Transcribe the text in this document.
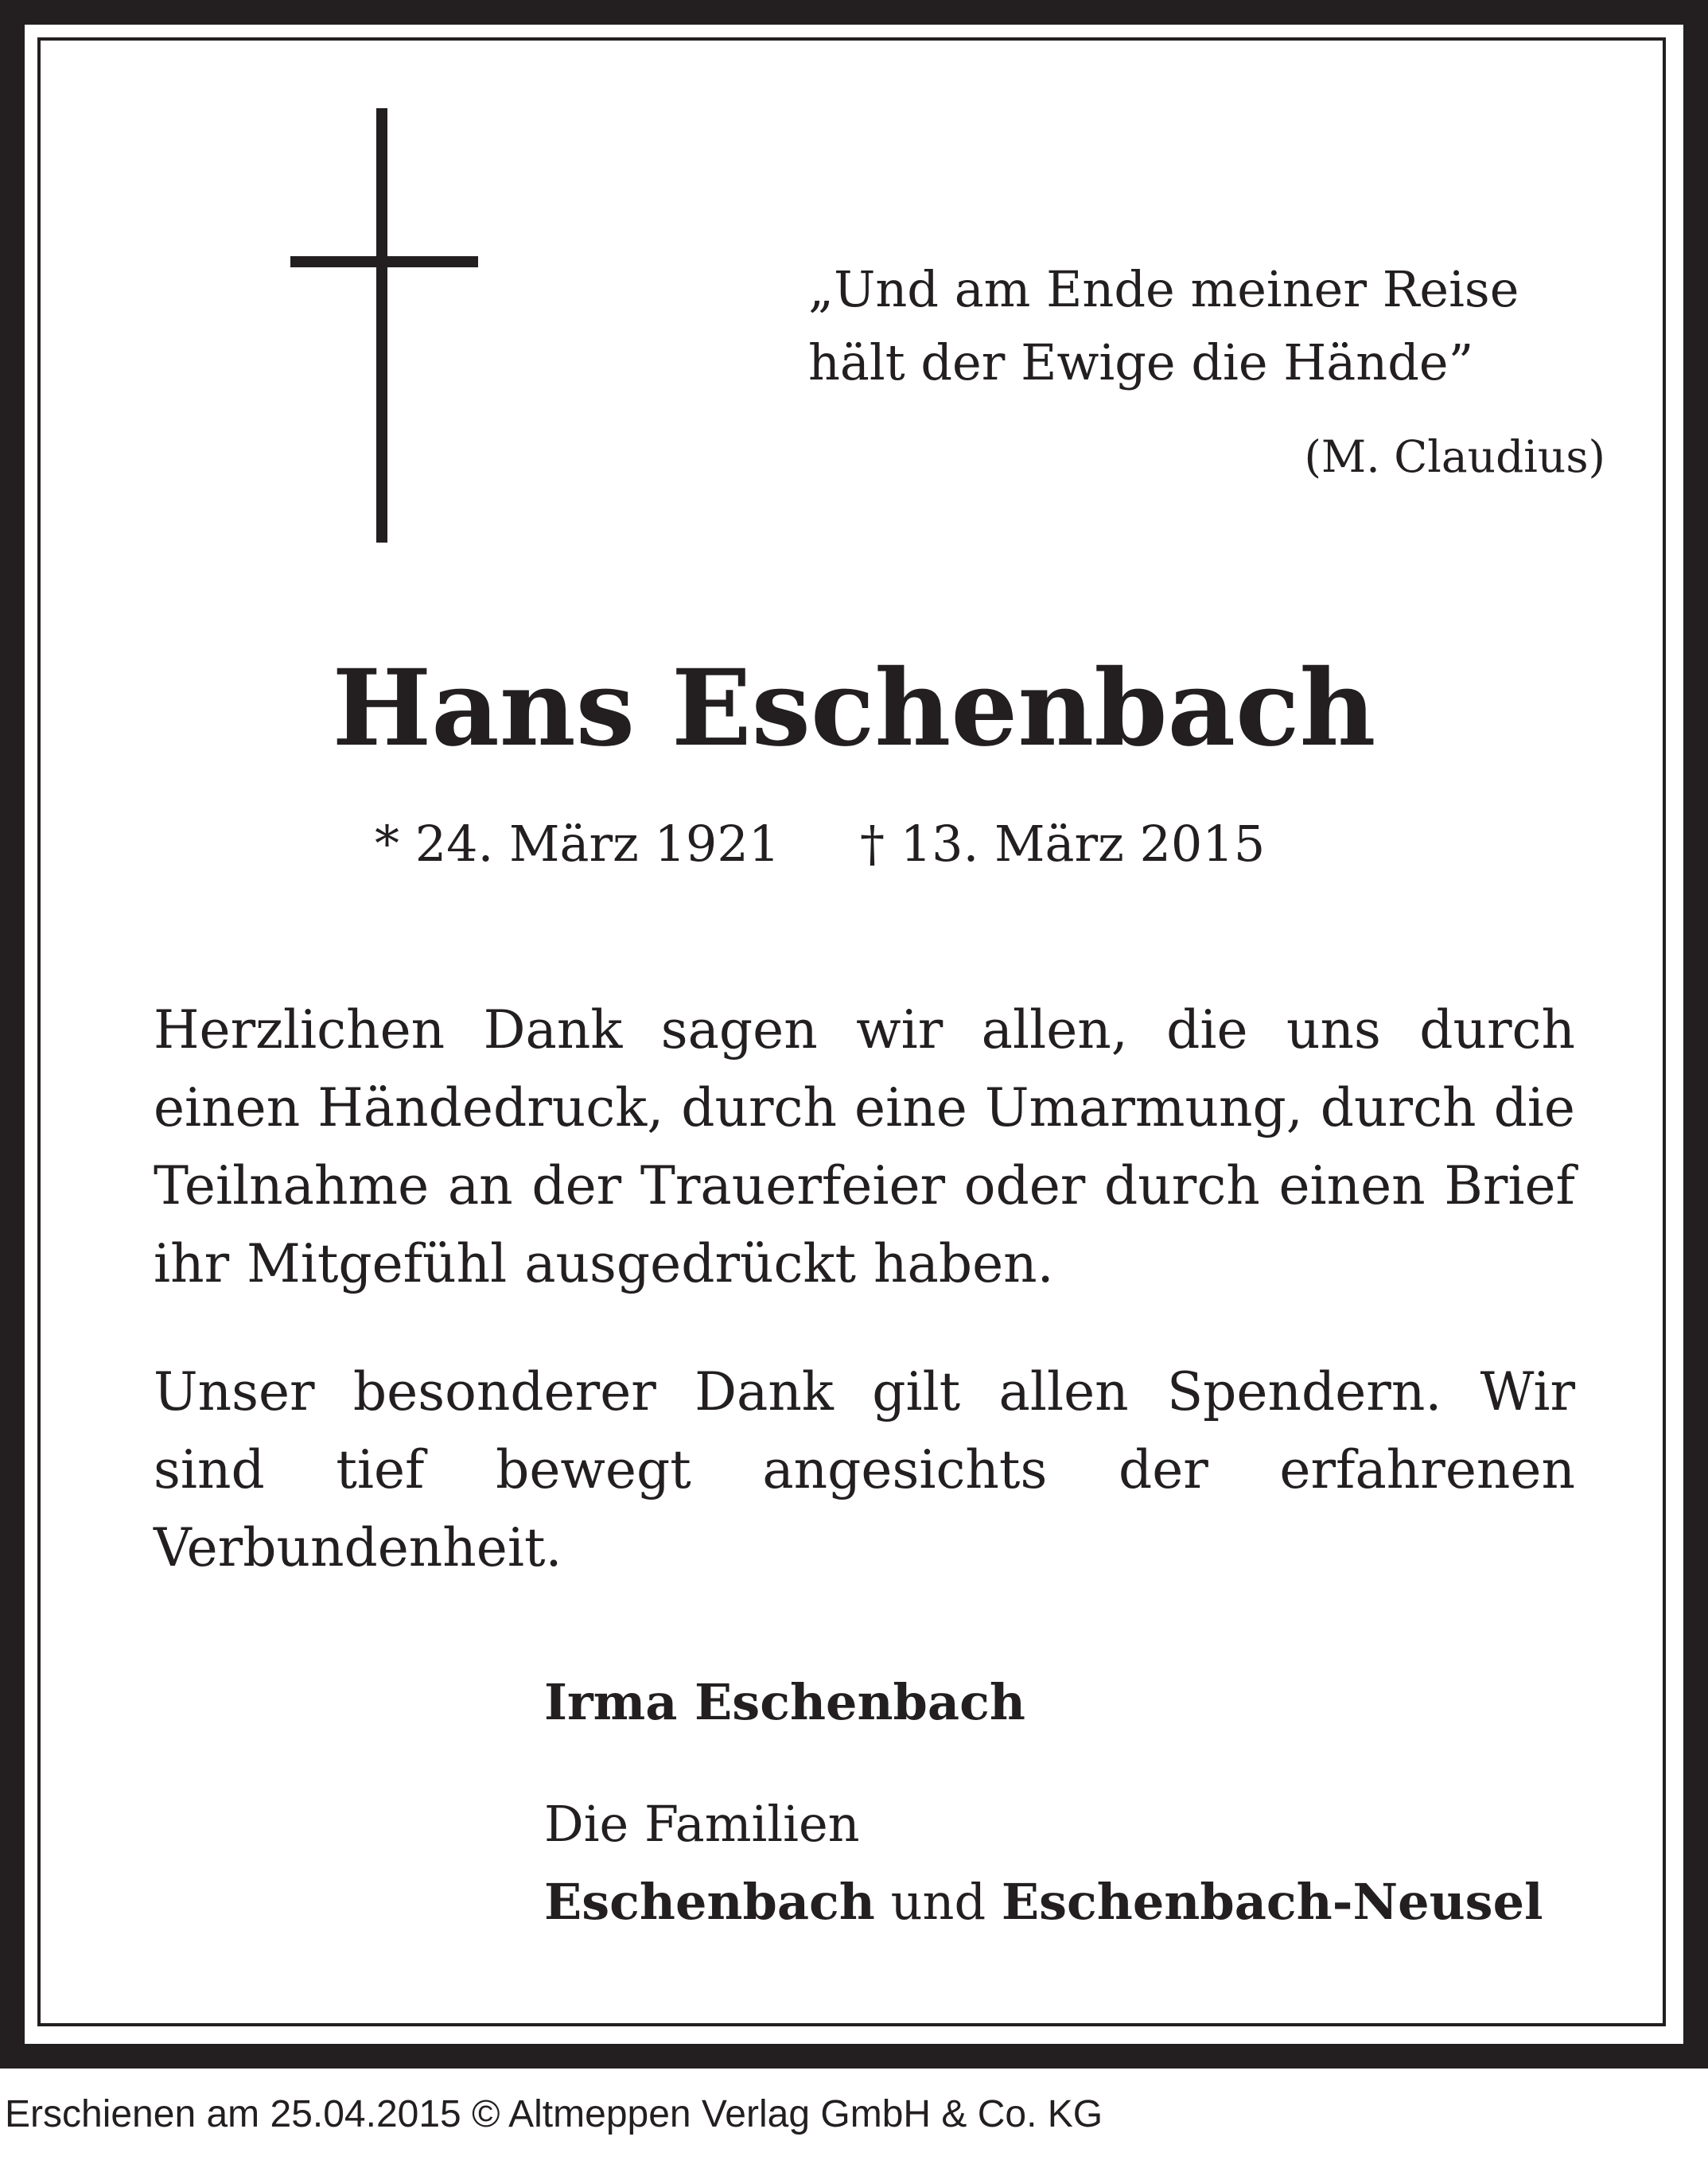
„Und am Ende meiner Reise
hält der Ewige die Hände”
(M. Claudius)
Hans Eschenbach
* 24. März 1921 † 13. März 2015
Herzlichen Dank sagen wir allen, die uns durch einen Händedruck, durch eine Umarmung, durch die Teilnahme an der Trauerfeier oder durch einen Brief ihr Mitgefühl ausgedrückt haben.
Unser besonderer Dank gilt allen Spendern. Wir sind tief bewegt angesichts der erfahrenen Verbundenheit.
Irma Eschenbach
Die Familien
Eschenbach und Eschenbach-Neusel
Erschienen am 25.04.2015 © Altmeppen Verlag GmbH & Co. KG
